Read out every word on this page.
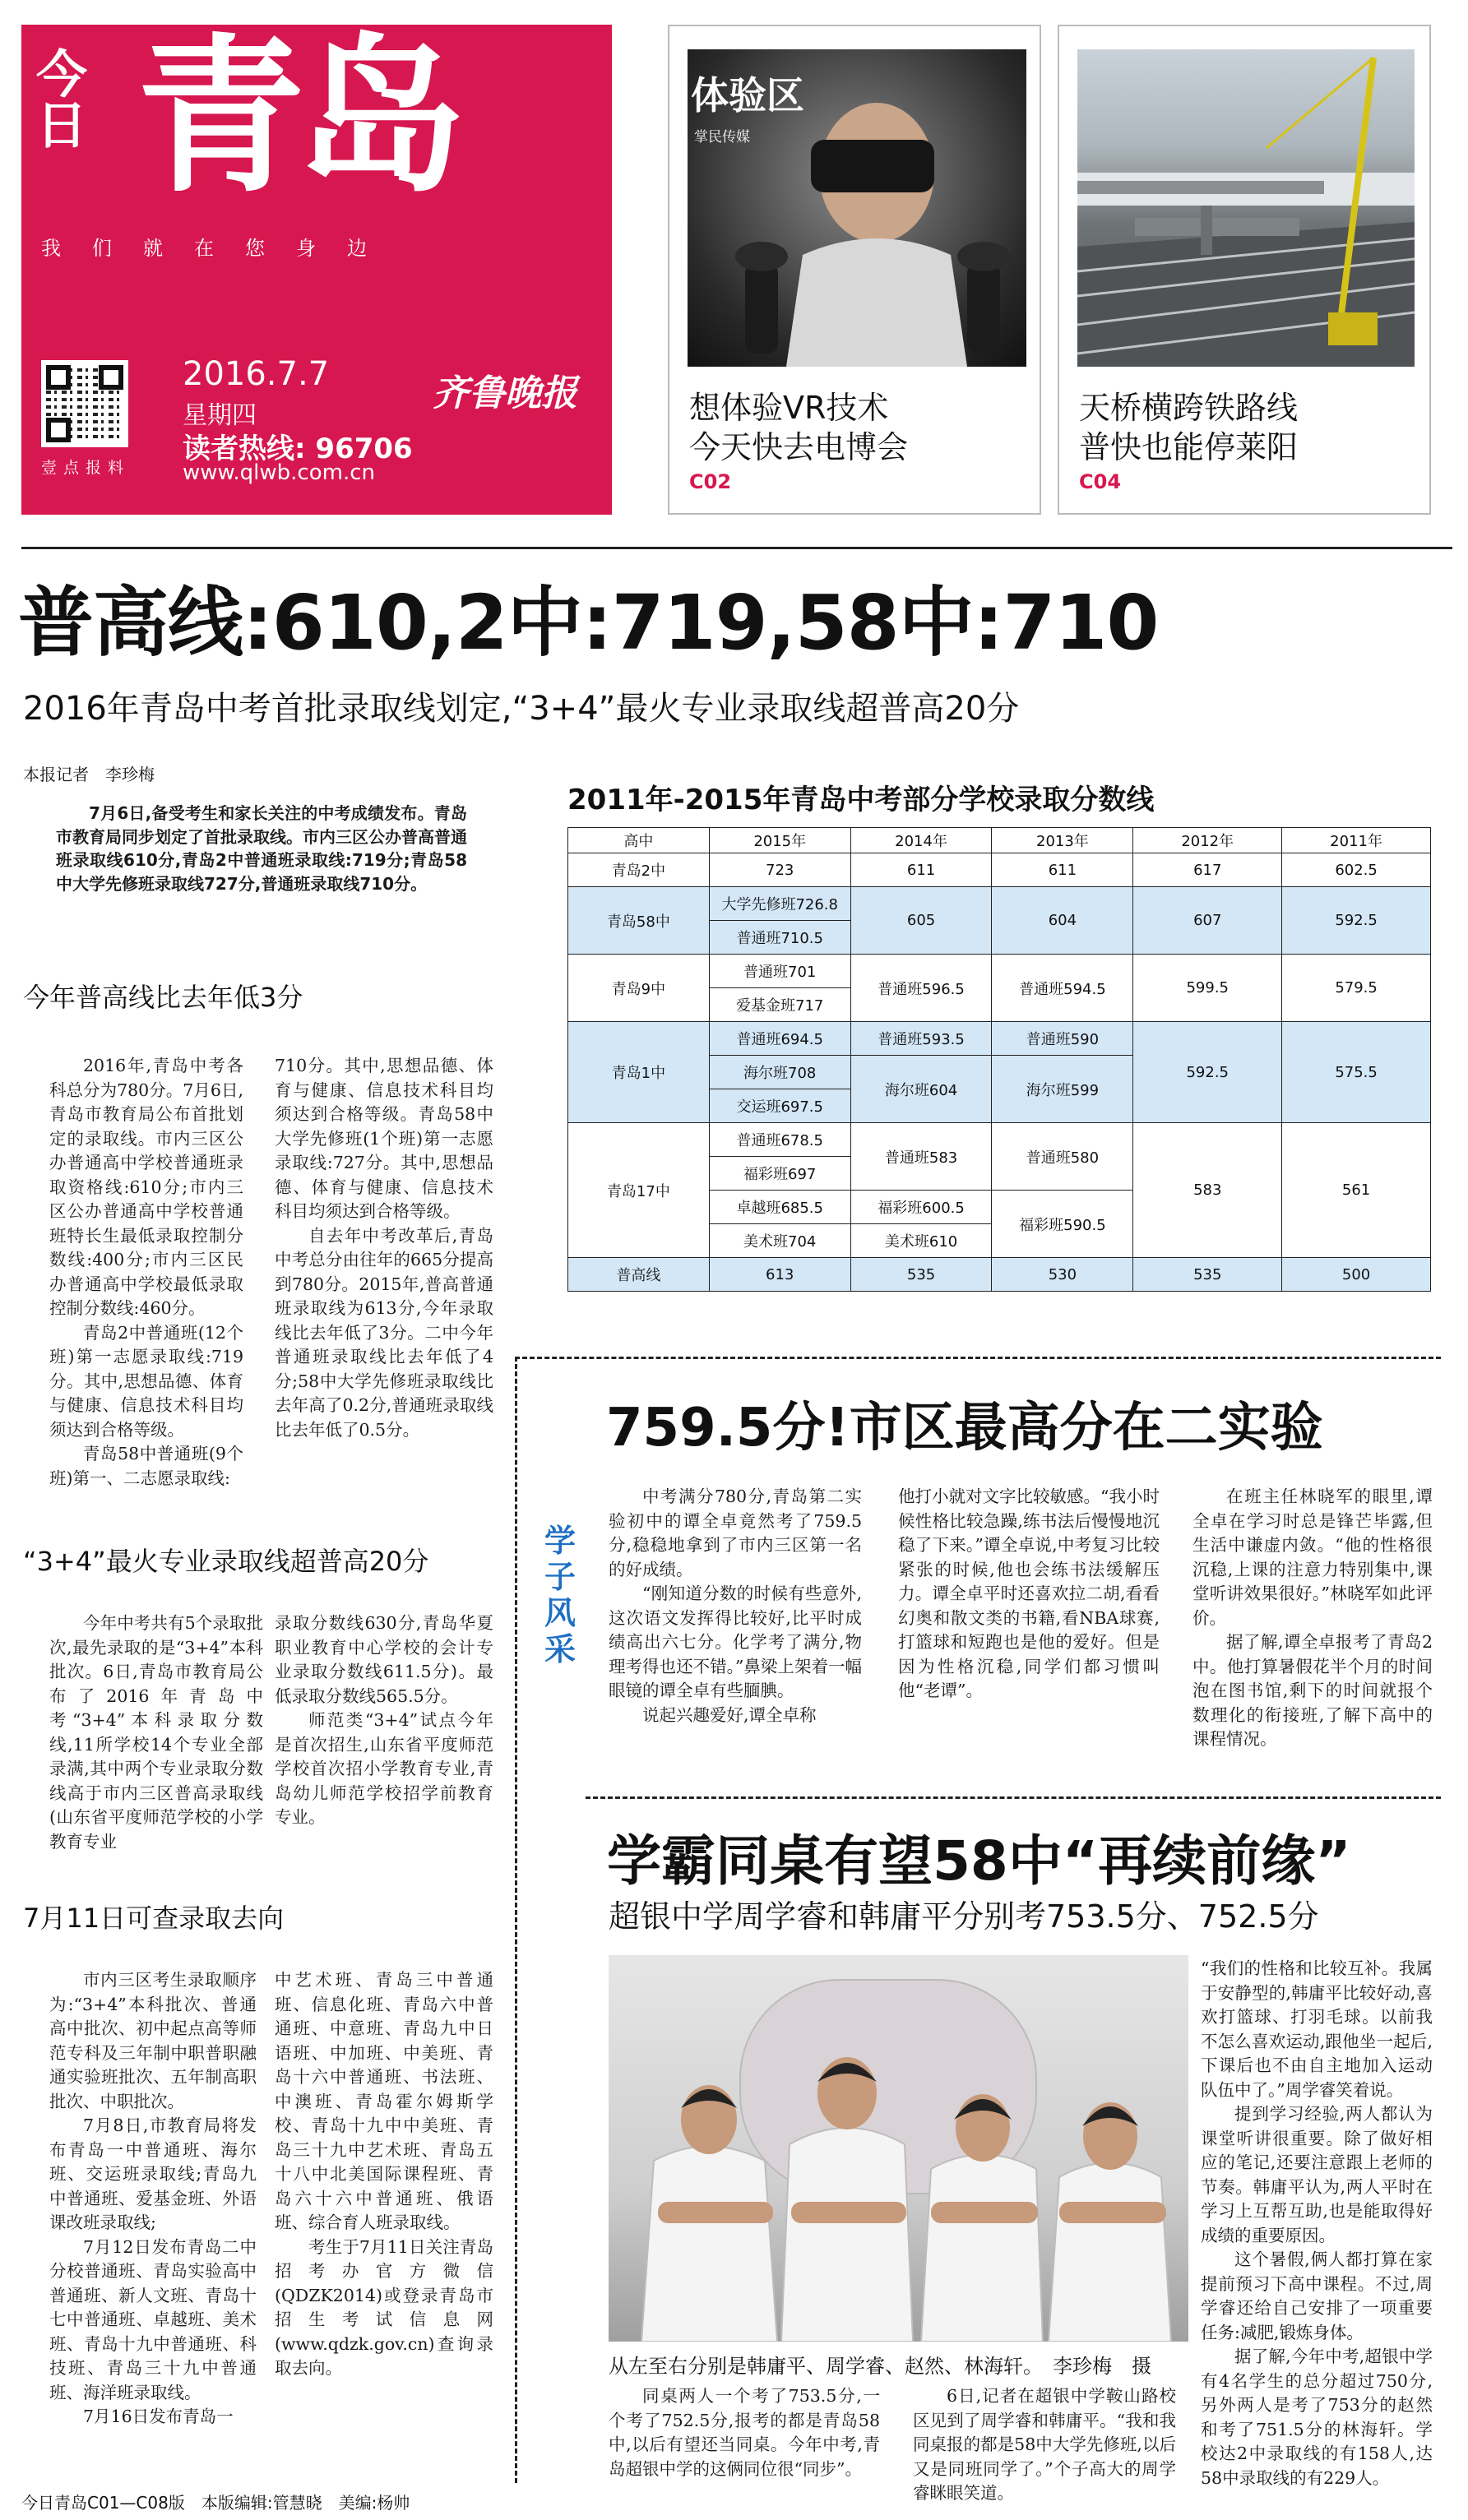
今日 青岛
我们就在您身边
壹点报料
2016.7.7
星期四
读者热线: 96706
www.qlwb.com.cn
齐鲁晚报
体验区
掌民传媒
想体验VR技术
今天快去电博会
C02
天桥横跨铁路线
普快也能停莱阳
C04
普高线:610,2中:719,58中:710
2016年青岛中考首批录取线划定,“3+4”最火专业录取线超普高20分
本报记者　李珍梅

7月6日,备受考生和家长关注的中考成绩发布。青岛市教育局同步划定了首批录取线。市内三区公办普高普通班录取线610分,青岛2中普通班录取线:719分;青岛58中大学先修班录取线727分,普通班录取线710分。

今年普高线比去年低3分

2016年,青岛中考各科总分为780分。7月6日,青岛市教育局公布首批划定的录取线。市内三区公办普通高中学校普通班录取资格线:610分;市内三区公办普通高中学校普通班特长生最低录取控制分数线:400分;市内三区民办普通高中学校最低录取控制分数线:460分。

青岛2中普通班(12个班)第一志愿录取线:719分。其中,思想品德、体育与健康、信息技术科目均须达到合格等级。

青岛58中普通班(9个班)第一、二志愿录取线:

710分。其中,思想品德、体育与健康、信息技术科目均须达到合格等级。青岛58中大学先修班(1个班)第一志愿录取线:727分。其中,思想品德、体育与健康、信息技术科目均须达到合格等级。

自去年中考改革后,青岛中考总分由往年的665分提高到780分。2015年,普高普通班录取线为613分,今年录取线比去年低了3分。二中今年普通班录取线比去年低了4分;58中大学先修班录取线比去年高了0.2分,普通班录取线比去年低了0.5分。

“3+4”最火专业录取线超普高20分

今年中考共有5个录取批次,最先录取的是“3+4”本科批次。6日,青岛市教育局公布了2016年青岛中考“3+4”本科录取分数线,11所学校14个专业全部录满,其中两个专业录取分数线高于市内三区普高录取线(山东省平度师范学校的小学教育专业

录取分数线630分,青岛华夏职业教育中心学校的会计专业录取分数线611.5分)。最低录取分数线565.5分。

师范类“3+4”试点今年是首次招生,山东省平度师范学校首次招小学教育专业,青岛幼儿师范学校招学前教育专业。

7月11日可查录取去向

市内三区考生录取顺序为:“3+4”本科批次、普通高中批次、初中起点高等师范专科及三年制中职普职融通实验班批次、五年制高职批次、中职批次。

7月8日,市教育局将发布青岛一中普通班、海尔班、交运班录取线;青岛九中普通班、爱基金班、外语课改班录取线;

7月12日发布青岛二中分校普通班、青岛实验高中普通班、新人文班、青岛十七中普通班、卓越班、美术班、青岛十九中普通班、科技班、青岛三十九中普通班、海洋班录取线。

7月16日发布青岛一

中艺术班、青岛三中普通班、信息化班、青岛六中普通班、中意班、青岛九中日语班、中加班、中美班、青岛十六中普通班、书法班、中澳班、青岛霍尔姆斯学校、青岛十九中中美班、青岛三十九中艺术班、青岛五十八中北美国际课程班、青岛六十六中普通班、俄语班、综合育人班录取线。

考生于7月11日关注青岛招考办官方微信(QDZK2014)或登录青岛市招生考试信息网(www.qdzk.gov.cn)查询录取去向。

2011年-2015年青岛中考部分学校录取分数线
高中	2015年	2014年	2013年	2012年	2011年
青岛2中	723	611	611	617	602.5
青岛58中	大学先修班726.8	605	604	607	592.5
	普通班710.5				
青岛9中	普通班701	普通班596.5	普通班594.5	599.5	579.5
	爱基金班717				
青岛1中	普通班694.5	普通班593.5	普通班590	592.5	575.5
	海尔班708	海尔班604	海尔班599		
	交运班697.5				
青岛17中	普通班678.5	普通班583	普通班580	583	561
	福彩班697				
	卓越班685.5	福彩班600.5	福彩班590.5		
	美术班704	美术班610			
普高线	613	535	530	535	500
759.5分!市区最高分在二实验
学子风采

中考满分780分,青岛第二实验初中的谭全卓竟然考了759.5分,稳稳地拿到了市内三区第一名的好成绩。

“刚知道分数的时候有些意外,这次语文发挥得比较好,比平时成绩高出六七分。化学考了满分,物理考得也还不错。”鼻梁上架着一幅眼镜的谭全卓有些腼腆。

说起兴趣爱好,谭全卓称

他打小就对文字比较敏感。“我小时候性格比较急躁,练书法后慢慢地沉稳了下来。”谭全卓说,中考复习比较紧张的时候,他也会练书法缓解压力。谭全卓平时还喜欢拉二胡,看看幻奥和散文类的书籍,看NBA球赛,打篮球和短跑也是他的爱好。但是因为性格沉稳,同学们都习惯叫他“老谭”。

在班主任林晓军的眼里,谭全卓在学习时总是锋芒毕露,但生活中谦虚内敛。“他的性格很沉稳,上课的注意力特别集中,课堂听讲效果很好。”林晓军如此评价。

据了解,谭全卓报考了青岛2中。他打算暑假花半个月的时间泡在图书馆,剩下的时间就报个数理化的衔接班,了解下高中的课程情况。

学霸同桌有望58中“再续前缘”
超银中学周学睿和韩庸平分别考753.5分、752.5分
从左至右分别是韩庸平、周学睿、赵然、林海轩。　李珍梅　摄

“我们的性格和比较互补。我属于安静型的,韩庸平比较好动,喜欢打篮球、打羽毛球。以前我不怎么喜欢运动,跟他坐一起后,下课后也不由自主地加入运动队伍中了。”周学睿笑着说。

提到学习经验,两人都认为课堂听讲很重要。除了做好相应的笔记,还要注意跟上老师的节奏。韩庸平认为,两人平时在学习上互帮互助,也是能取得好成绩的重要原因。

这个暑假,俩人都打算在家提前预习下高中课程。不过,周学睿还给自己安排了一项重要任务:减肥,锻炼身体。

据了解,今年中考,超银中学有4名学生的总分超过750分,另外两人是考了753分的赵然和考了751.5分的林海轩。学校达2中录取线的有158人,达58中录取线的有229人。

同桌两人一个考了753.5分,一个考了752.5分,报考的都是青岛58中,以后有望还当同桌。今年中考,青岛超银中学的这俩同位很“同步”。

6日,记者在超银中学鞍山路校区见到了周学睿和韩庸平。“我和我同桌报的都是58中大学先修班,以后又是同班同学了。”个子高大的周学睿眯眼笑道。

今日青岛C01—C08版　本版编辑:管慧晓　美编:杨帅
